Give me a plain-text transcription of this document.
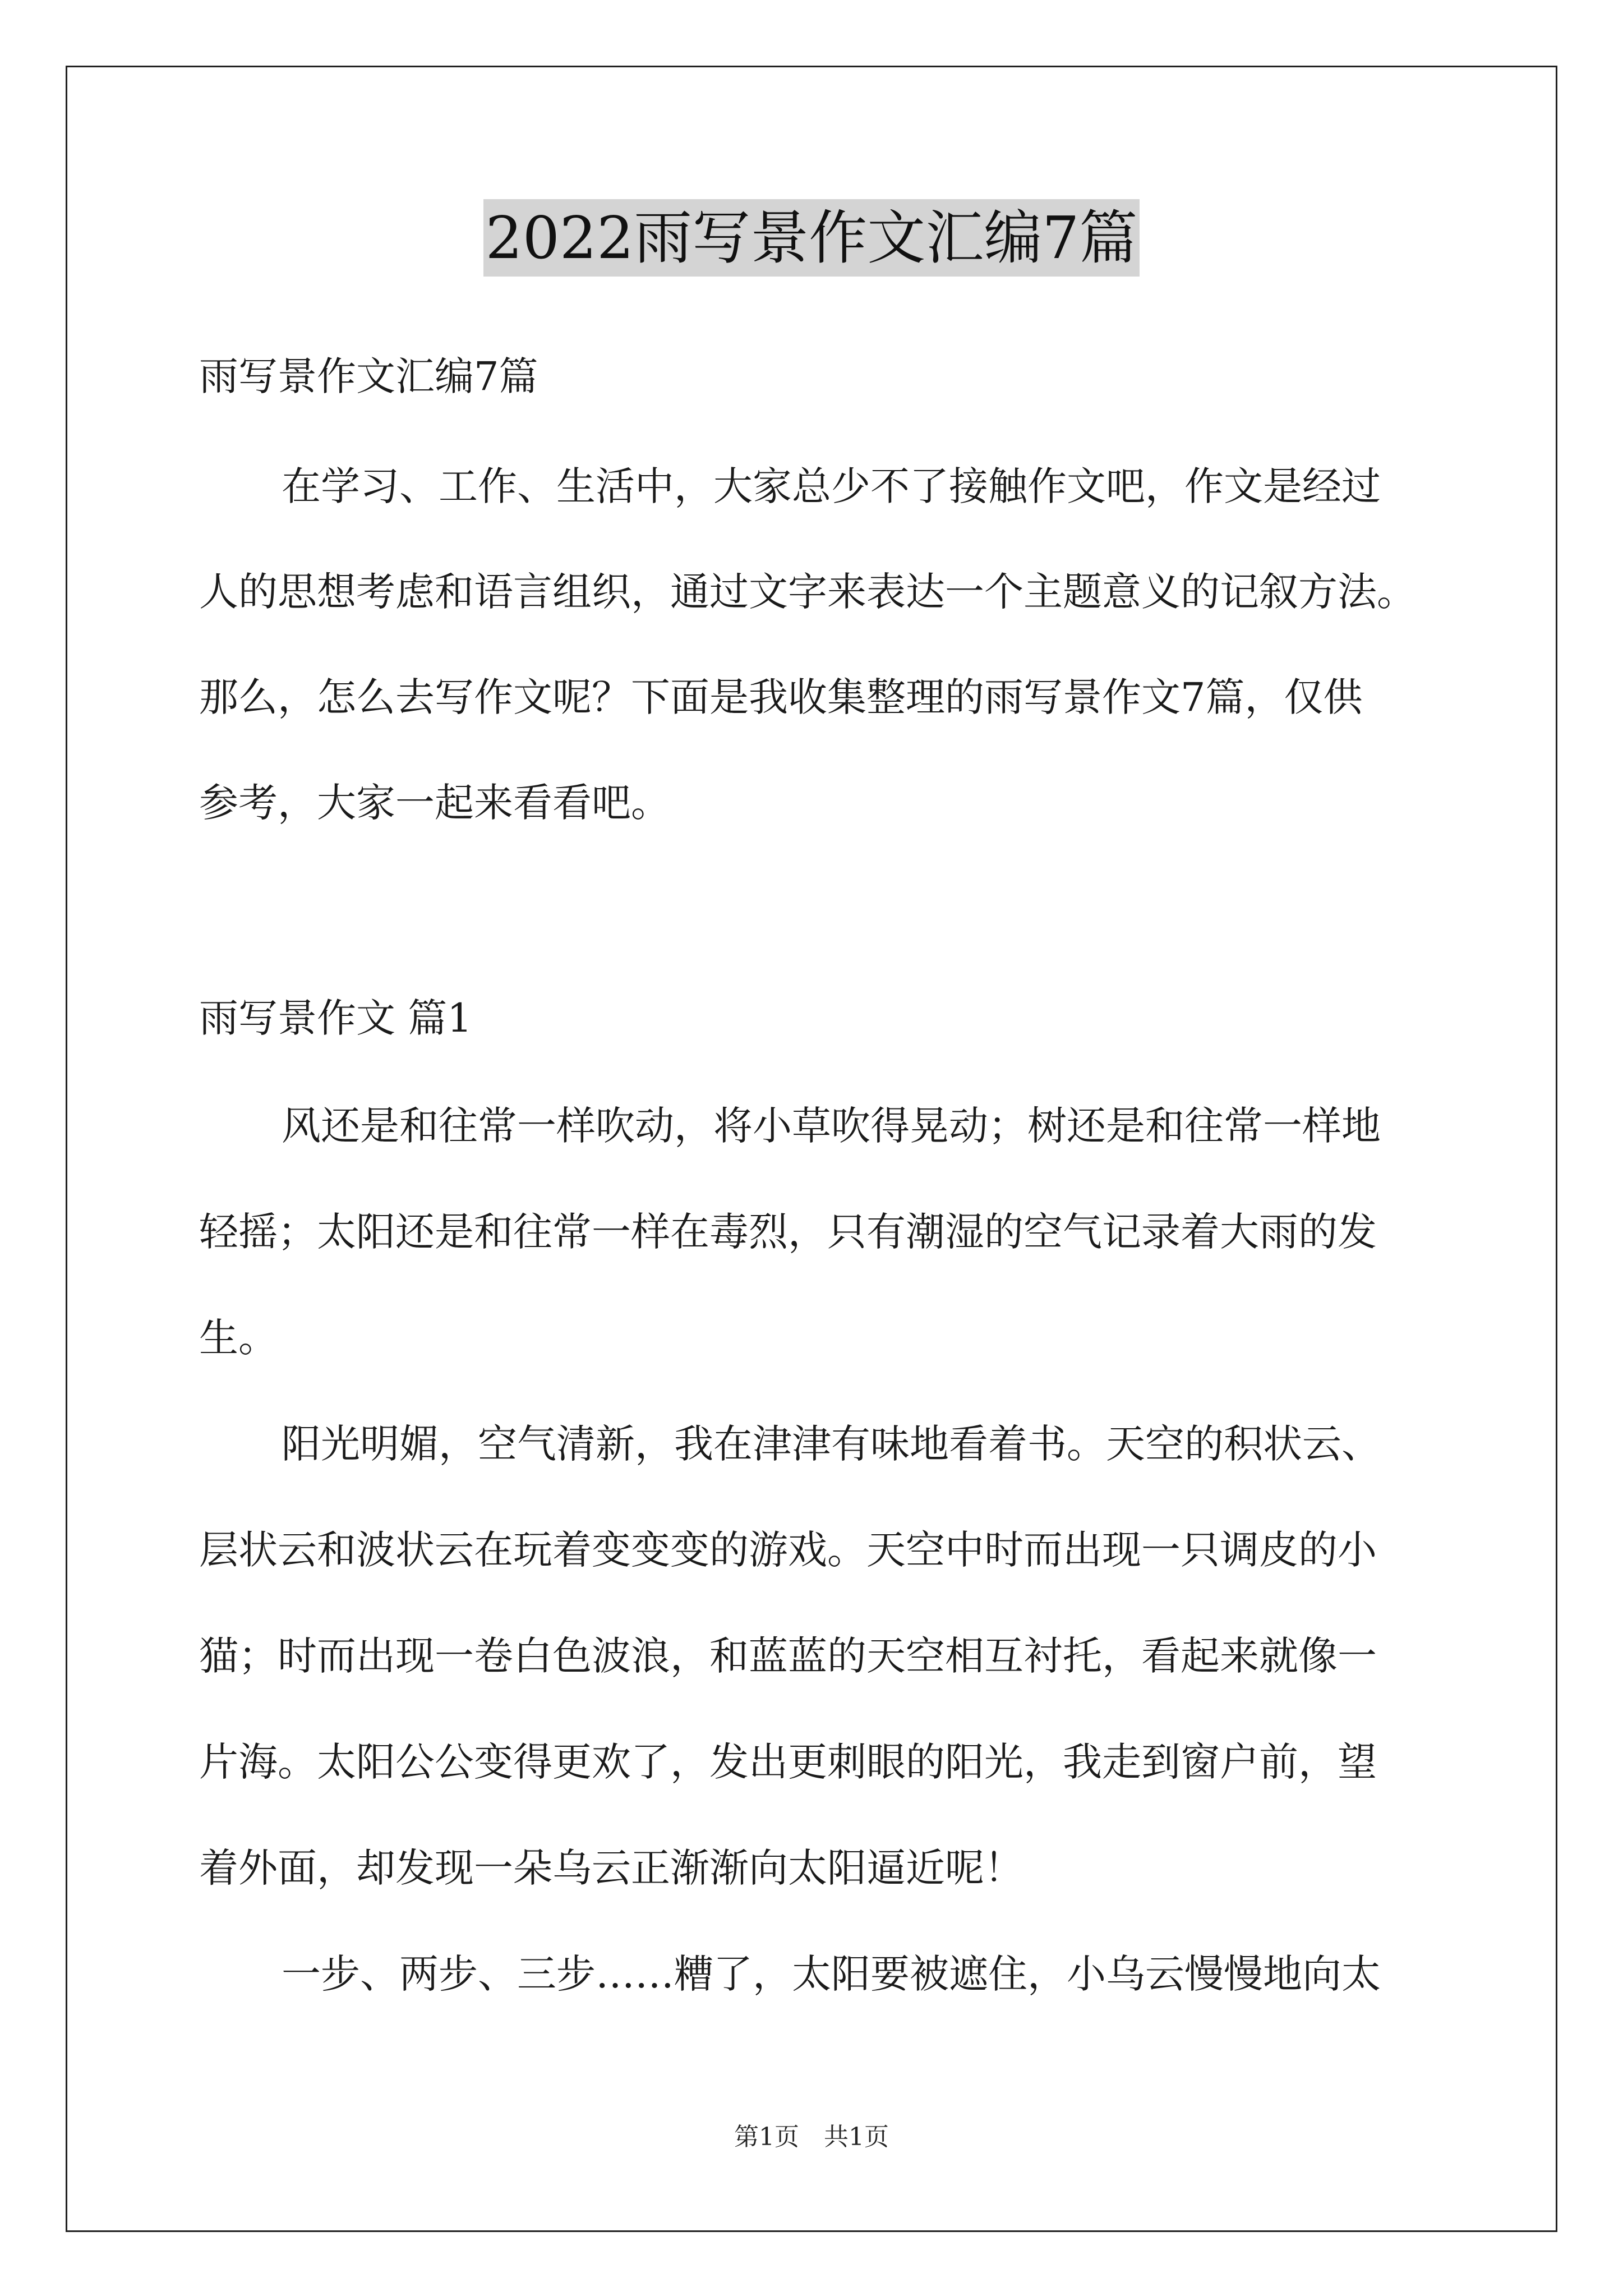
2022雨写景作文汇编7篇
雨写景作文汇编7篇
在学习、工作、生活中，大家总少不了接触作文吧，作文是经过
人的思想考虑和语言组织，通过文字来表达一个主题意义的记叙方法。
那么，怎么去写作文呢？下面是我收集整理的雨写景作文7篇，仅供
参考，大家一起来看看吧。
雨写景作文 篇1
风还是和往常一样吹动，将小草吹得晃动；树还是和往常一样地
轻摇；太阳还是和往常一样在毒烈，只有潮湿的空气记录着大雨的发
生。
阳光明媚，空气清新，我在津津有味地看着书。天空的积状云、
层状云和波状云在玩着变变变的游戏。天空中时而出现一只调皮的小
猫；时而出现一卷白色波浪，和蓝蓝的天空相互衬托，看起来就像一
片海。太阳公公变得更欢了，发出更刺眼的阳光，我走到窗户前，望
着外面，却发现一朵乌云正渐渐向太阳逼近呢！
一步、两步、三步……糟了，太阳要被遮住，小乌云慢慢地向太
第1页 共1页
